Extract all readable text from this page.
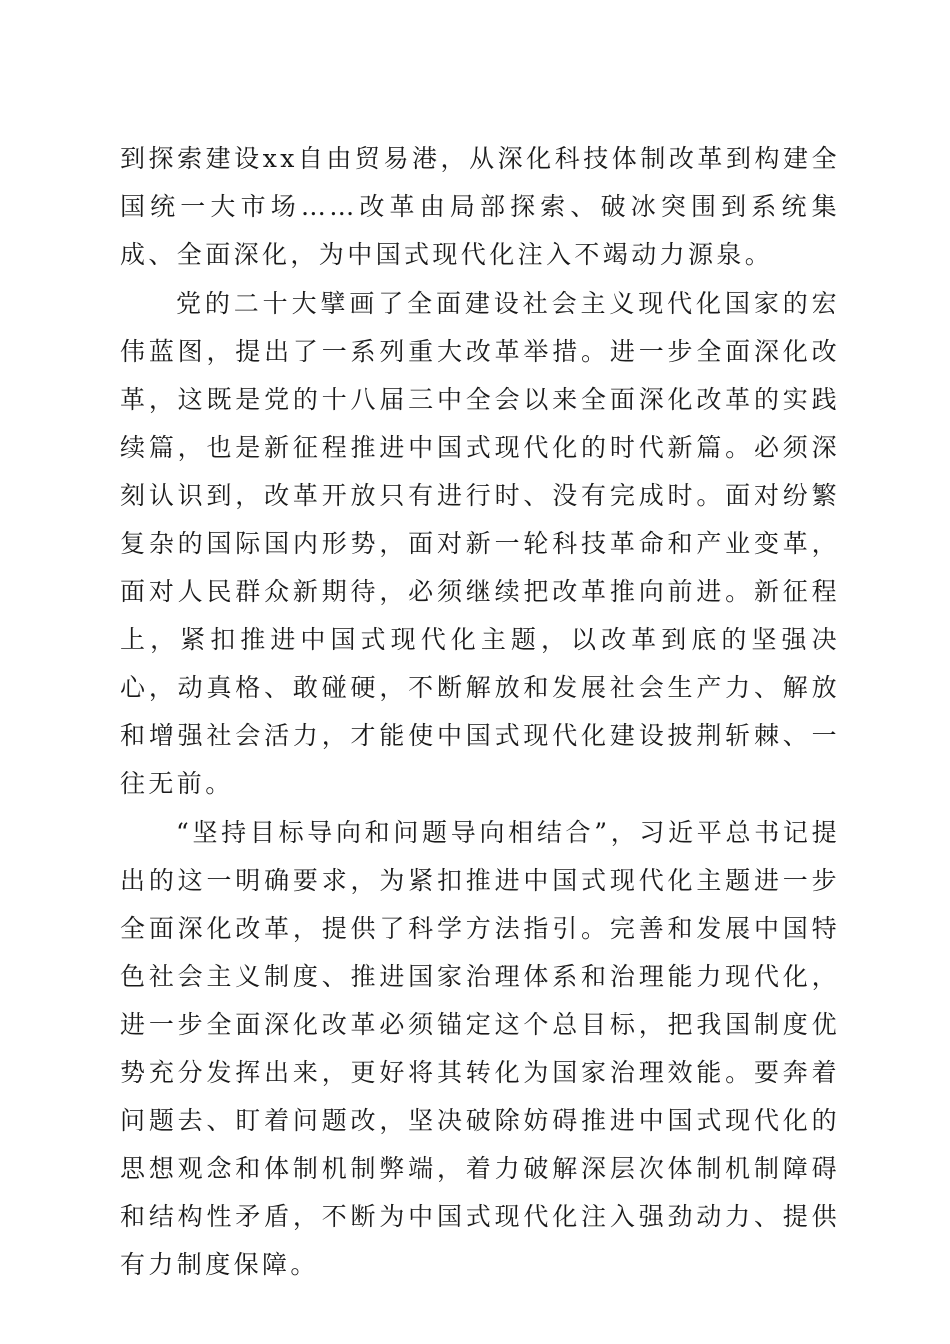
到探索建设xx自由贸易港，从深化科技体制改革到构建全国统一大市场……改革由局部探索、破冰突围到系统集成、全面深化，为中国式现代化注入不竭动力源泉。

党的二十大擘画了全面建设社会主义现代化国家的宏伟蓝图，提出了一系列重大改革举措。进一步全面深化改革，这既是党的十八届三中全会以来全面深化改革的实践续篇，也是新征程推进中国式现代化的时代新篇。必须深刻认识到，改革开放只有进行时、没有完成时。面对纷繁复杂的国际国内形势，面对新一轮科技革命和产业变革，面对人民群众新期待，必须继续把改革推向前进。新征程上，紧扣推进中国式现代化主题，以改革到底的坚强决心，动真格、敢碰硬，不断解放和发展社会生产力、解放和增强社会活力，才能使中国式现代化建设披荆斩棘、一往无前。

“坚持目标导向和问题导向相结合”，习近平总书记提出的这一明确要求，为紧扣推进中国式现代化主题进一步全面深化改革，提供了科学方法指引。完善和发展中国特色社会主义制度、推进国家治理体系和治理能力现代化，进一步全面深化改革必须锚定这个总目标，把我国制度优势充分发挥出来，更好将其转化为国家治理效能。要奔着问题去、盯着问题改，坚决破除妨碍推进中国式现代化的思想观念和体制机制弊端，着力破解深层次体制机制障碍和结构性矛盾，不断为中国式现代化注入强劲动力、提供有力制度保障。
